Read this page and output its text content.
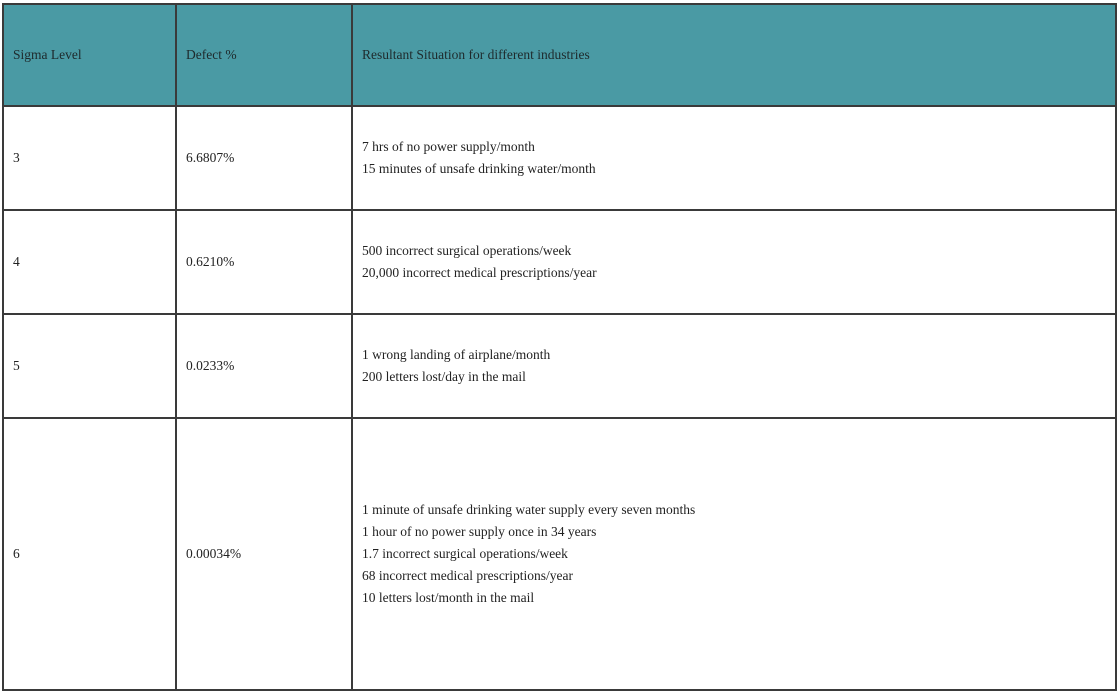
Sigma Level	Defect %	Resultant Situation for different industries
3	6.6807%	7 hrs of no power supply/month
15 minutes of unsafe drinking water/month

4	0.6210%	500 incorrect surgical operations/week
20,000 incorrect medical prescriptions/year

5	0.0233%	1 wrong landing of airplane/month
200 letters lost/day in the mail

6	0.00034%	1 minute of unsafe drinking water supply every seven months
1 hour of no power supply once in 34 years
1.7 incorrect surgical operations/week
68 incorrect medical prescriptions/year
10 letters lost/month in the mail
